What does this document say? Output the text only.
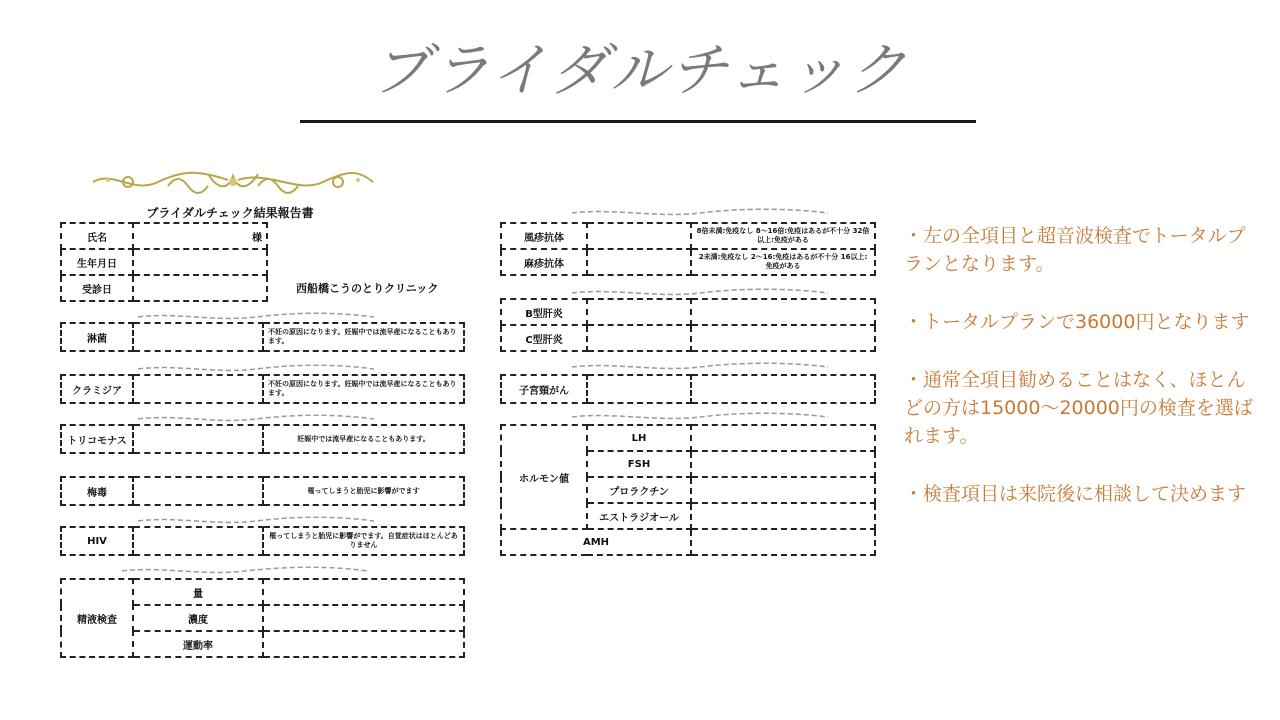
ブライダルチェック
ブライダルチェック結果報告書
氏名	様
生年月日	
受診日		西船橋こうのとりクリニック
淋菌		不妊の原因になります。妊娠中では流早産になることもあります。
クラミジア		不妊の原因になります。妊娠中では流早産になることもあります。
トリコモナス		妊娠中では流早産になることもあります。
梅毒		罹ってしまうと胎児に影響がでます
HIV		罹ってしまうと胎児に影響がでます。自覚症状はほとんどありません
精液検査	量	
	濃度	
	運動率	
風疹抗体		8倍未満:免疫なし 8～16倍:免疫はあるが不十分 32倍以上:免疫がある
麻疹抗体		2未満:免疫なし 2～16:免疫はあるが不十分 16以上:免疫がある
B型肝炎		
C型肝炎		
子宮頸がん		
ホルモン値	LH	
	FSH	
	プロラクチン	
	エストラジオール	
AMH		

・左の全項目と超音波検査でトータルプランとなります。

・トータルプランで36000円となります

・通常全項目勧めることはなく、ほとんどの方は15000～20000円の検査を選ばれます。

・検査項目は来院後に相談して決めます
